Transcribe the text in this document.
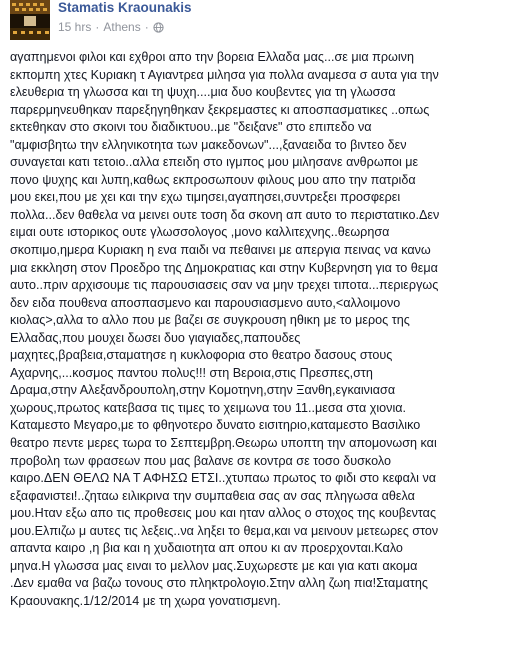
Stamatis Kraounakis
15 hrs · Athens ·
αγαπημενοι φιλοι και εχθροι απο την βορεια Ελλαδα μας...σε μια πρωινη
εκπομπη χτες Κυριακη τ Αγιαντρεα μιλησα για πολλα αναμεσα σ αυτα για την
ελευθερια τη γλωσσα και τη ψυχη....μια δυο κουβεντες για τη γλωσσα
παρερμηνευθηκαν παρεξηγηθηκαν ξεκρεμαστες κι αποσπασματικες ..οπως
εκτεθηκαν στο σκοινι του διαδικτυου..με "δειξανε" στο επιπεδο να
"αμφισβητω την ελληνικοτητα των μακεδονων"...,ξαναειδα το βιντεο δεν
συναγεται κατι τετοιο..αλλα επειδη στο ιγμπος μου μιλησανε ανθρωποι με
πονο ψυχης και λυπη,καθως εκπροσωπουν φιλους μου απο την πατριδα
μου εκει,που με χει και την εχω τιμησει,αγαπησει,συντρεξει προσφερει
πολλα...δεν θαθελα να μεινει ουτε τοση δα σκονη απ αυτο το περιστατικο.Δεν
ειμαι ουτε ιστορικος ουτε γλωσσολογος ,μονο καλλιτεχνης..θεωρησα
σκοπιμο,ημερα Κυριακη η ενα παιδι να πεθαινει με απεργια πεινας να κανω
μια εκκληση στον Προεδρο της Δημοκρατιας και στην Κυβερνηση για το θεμα
αυτο..πριν αρχισουμε τις παρουσιασεις σαν να μην τρεχει τιποτα...περιεργως
δεν ειδα πουθενα αποσπασμενο και παρουσιασμενο αυτο,<αλλοιμονο
κιολας>,αλλα το αλλο που με βαζει σε συγκρουση ηθικη με το μερος της
Ελλαδας,που μουχει δωσει δυο γιαγιαδες,παπουδες
μαχητες,βραβεια,σταματησε η κυκλοφορια στο θεατρο δασους στους
Αχαρνης,...κοσμος παντου πολυς!!! στη Βεροια,στις Πρεσπες,στη
Δραμα,στην Αλεξανδρουπολη,στην Κομοτηνη,στην Ξανθη,εγκαινιασα
χωρους,πρωτος κατεβασα τις τιμες το χειμωνα του 11..μεσα στα χιονια.
Καταμεστο Μεγαρο,με το φθηνοτερο δυνατο εισιτηριο,καταμεστο Βασιλικο
θεατρο πεντε μερες τωρα το Σεπτεμβρη.Θεωρω υποπτη την απομονωση και
προβολη των φρασεων που μας βαλανε σε κοντρα σε τοσο δυσκολο
καιρο.ΔΕΝ ΘΕΛΩ ΝΑ Τ ΑΦΗΣΩ ΕΤΣΙ..χτυπαω πρωτος το φιδι στο κεφαλι να
εξαφανιστει!..ζηταω ειλικρινα την συμπαθεια σας αν σας πληγωσα αθελα
μου.Ηταν εξω απο τις προθεσεις μου και ηταν αλλος ο στοχος της κουβεντας
μου.Ελπιζω μ αυτες τις λεξεις..να ληξει το θεμα,και να μεινουν μετεωρες στον
απαντα καιρο ,η βια και η χυδαιοτητα απ οπου κι αν προερχονται.Καλο
μηνα.Η γλωσσα μας ειναι το μελλον μας.Συχωρεστε με και για κατι ακομα
.Δεν εμαθα να βαζω τονους στο πληκτρολογιο.Στην αλλη ζωη πια!Σταματης
Κραουνακης.1/12/2014 με τη χωρα γονατισμενη.
